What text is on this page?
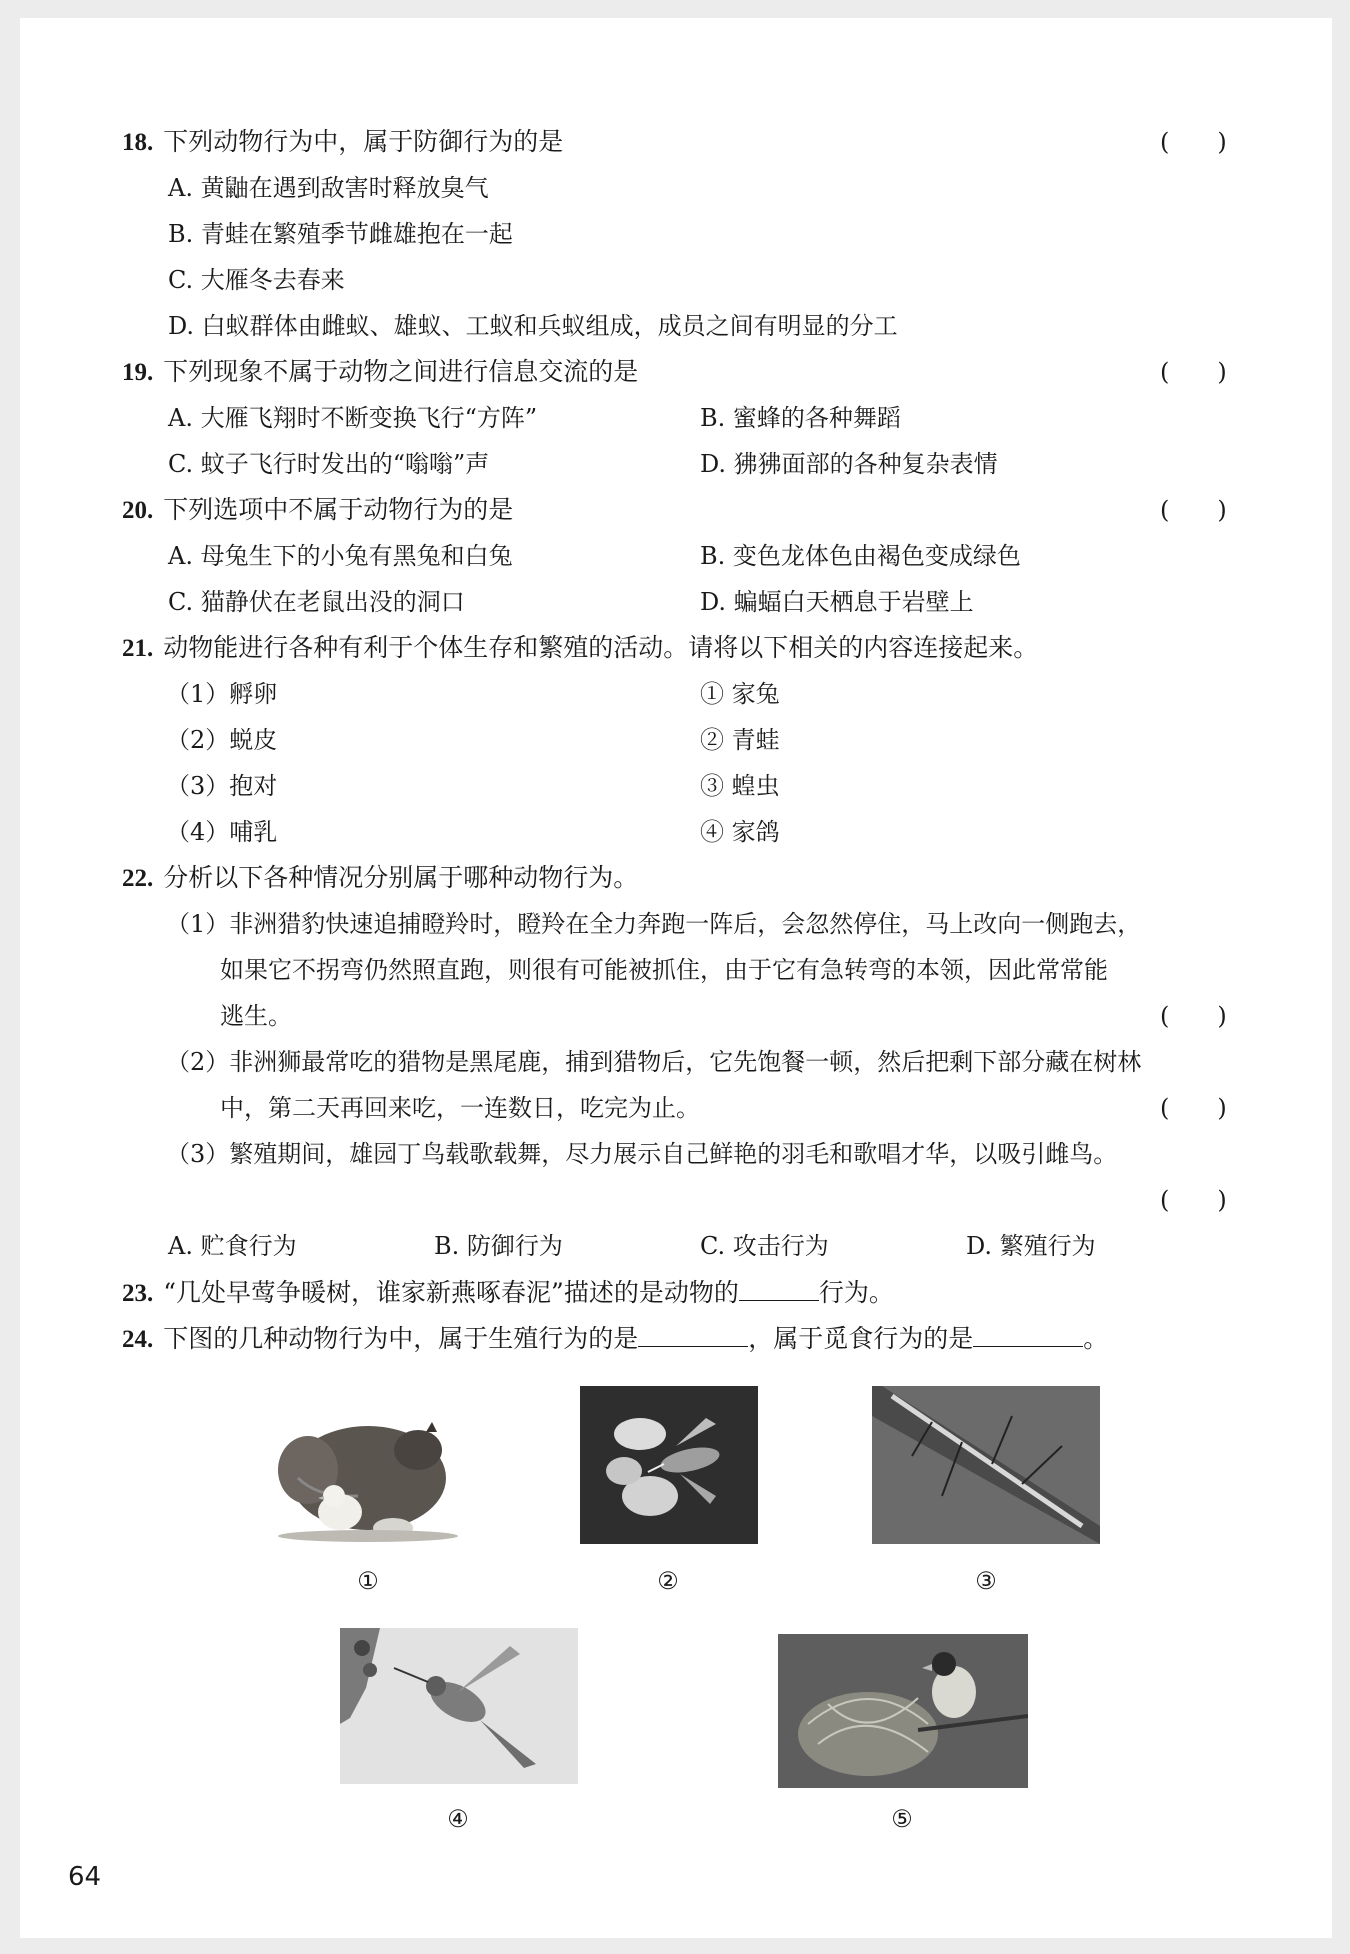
18. 下列动物行为中，属于防御行为的是	(　　)
A. 黄鼬在遇到敌害时释放臭气
B. 青蛙在繁殖季节雌雄抱在一起
C. 大雁冬去春来
D. 白蚁群体由雌蚁、雄蚁、工蚁和兵蚁组成，成员之间有明显的分工
19. 下列现象不属于动物之间进行信息交流的是	(　　)
A. 大雁飞翔时不断变换飞行“方阵”	B. 蜜蜂的各种舞蹈
C. 蚊子飞行时发出的“嗡嗡”声	D. 狒狒面部的各种复杂表情
20. 下列选项中不属于动物行为的是	(　　)
A. 母兔生下的小兔有黑兔和白兔	B. 变色龙体色由褐色变成绿色
C. 猫静伏在老鼠出没的洞口	D. 蝙蝠白天栖息于岩壁上
21. 动物能进行各种有利于个体生存和繁殖的活动。请将以下相关的内容连接起来。
（1）孵卵	① 家兔
（2）蜕皮	② 青蛙
（3）抱对	③ 蝗虫
（4）哺乳	④ 家鸽
22. 分析以下各种情况分别属于哪种动物行为。
（1）非洲猎豹快速追捕瞪羚时，瞪羚在全力奔跑一阵后，会忽然停住，马上改向一侧跑去，
如果它不拐弯仍然照直跑，则很有可能被抓住，由于它有急转弯的本领，因此常常能
逃生。	(　　)
（2）非洲狮最常吃的猎物是黑尾鹿，捕到猎物后，它先饱餐一顿，然后把剩下部分藏在树林
中，第二天再回来吃，一连数日，吃完为止。	(　　)
（3）繁殖期间，雄园丁鸟载歌载舞，尽力展示自己鲜艳的羽毛和歌唱才华，以吸引雌鸟。
(　　)
A. 贮食行为	B. 防御行为	C. 攻击行为	D. 繁殖行为
23. “几处早莺争暖树，谁家新燕啄春泥”描述的是动物的	行为。
24. 下图的几种动物行为中，属于生殖行为的是	，属于觅食行为的是	。
①	②	③
④	⑤
64
